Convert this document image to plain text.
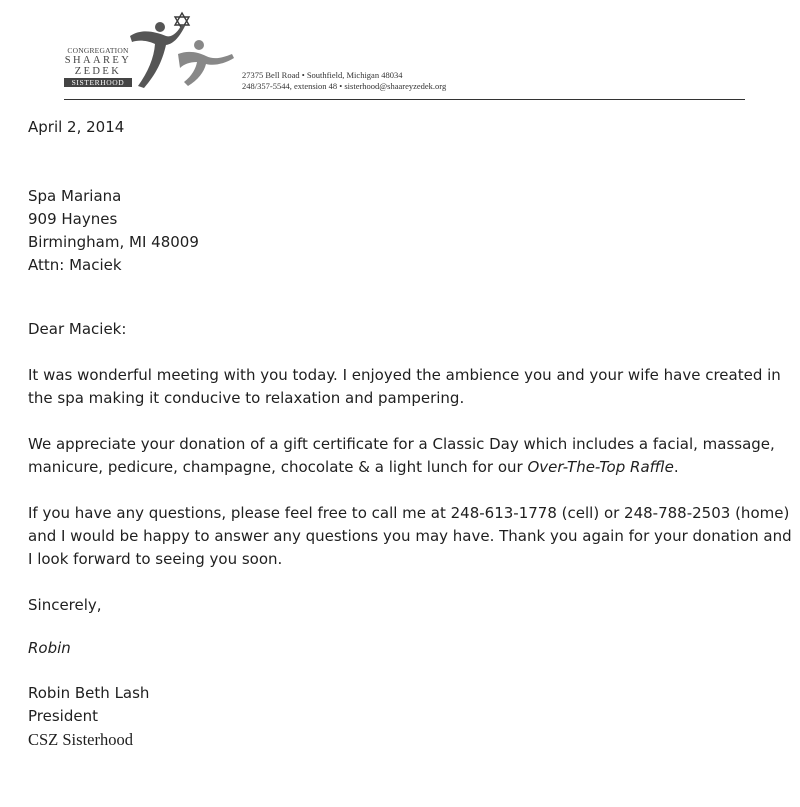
CONGREGATION
SHAAREY
ZEDEK
SISTERHOOD
27375 Bell Road • Southfield, Michigan 48034
248/357-5544, extension 48 • sisterhood@shaareyzedek.org

April 2, 2014

Spa Mariana

909 Haynes

Birmingham, MI 48009

Attn: Maciek

Dear Maciek:

It was wonderful meeting with you today. I enjoyed the ambience you and your wife have created in the spa making it conducive to relaxation and pampering.

We appreciate your donation of a gift certificate for a Classic Day which includes a facial, massage, manicure, pedicure, champagne, chocolate & a light lunch for our Over-The-Top Raffle.

If you have any questions, please feel free to call me at 248-613-1778 (cell) or 248-788-2503 (home) and I would be happy to answer any questions you may have. Thank you again for your donation and I look forward to seeing you soon.

Sincerely,

Robin

Robin Beth Lash

President

CSZ Sisterhood
